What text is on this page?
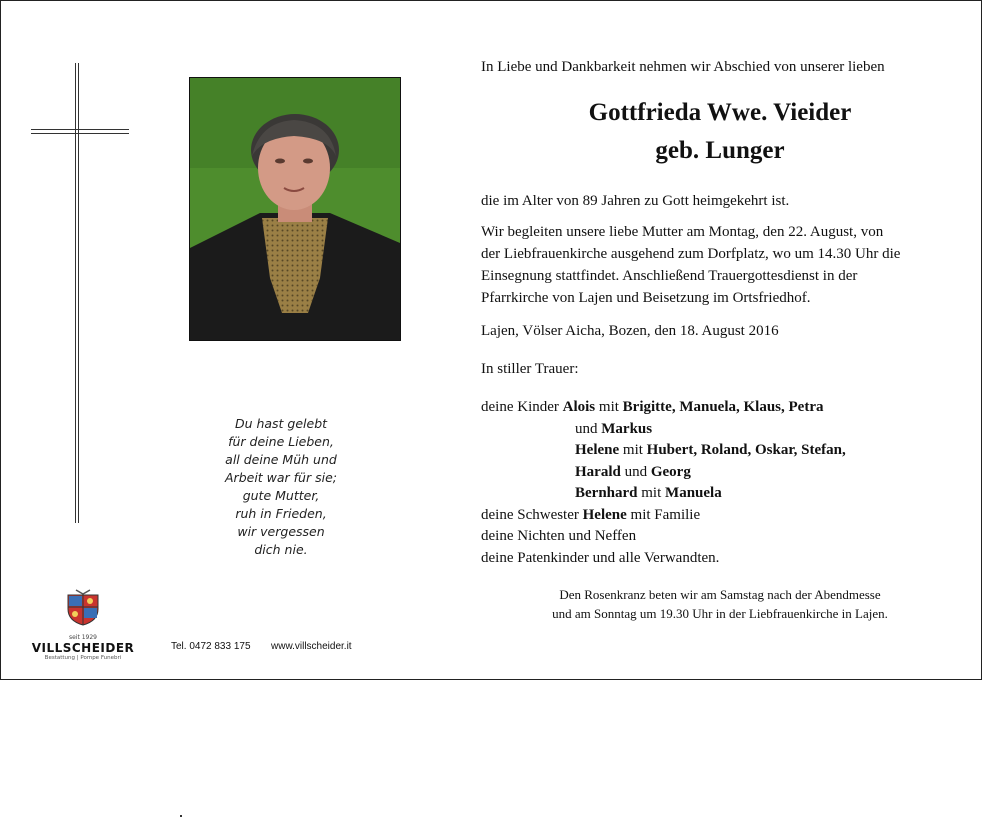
Du hast gelebt
für deine Lieben,
all deine Müh und
Arbeit war für sie;
gute Mutter,
ruh in Frieden,
wir vergessen
dich nie.
In Liebe und Dankbarkeit nehmen wir Abschied von unserer lieben
Gottfrieda Wwe. Vieider
geb. Lunger
die im Alter von 89 Jahren zu Gott heimgekehrt ist.
Wir begleiten unsere liebe Mutter am Montag, den 22. August, von
der Liebfrauenkirche ausgehend zum Dorfplatz, wo um 14.30 Uhr die
Einsegnung stattfindet. Anschließend Trauergottesdienst in der
Pfarrkirche von Lajen und Beisetzung im Ortsfriedhof.
Lajen, Völser Aicha, Bozen, den 18. August 2016
In stiller Trauer:
deine Kinder Alois mit Brigitte, Manuela, Klaus, Petra
und Markus
Helene mit Hubert, Roland, Oskar, Stefan,
Harald und Georg
Bernhard mit Manuela
deine Schwester Helene mit Familie
deine Nichten und Neffen
deine Patenkinder und alle Verwandten.
Den Rosenkranz beten wir am Samstag nach der Abendmesse
und am Sonntag um 19.30 Uhr in der Liebfrauenkirche in Lajen.
seit 1929
VILLSCHEIDER
Bestattung | Pompe Funebri
Tel. 0472 833 175 www.villscheider.it
